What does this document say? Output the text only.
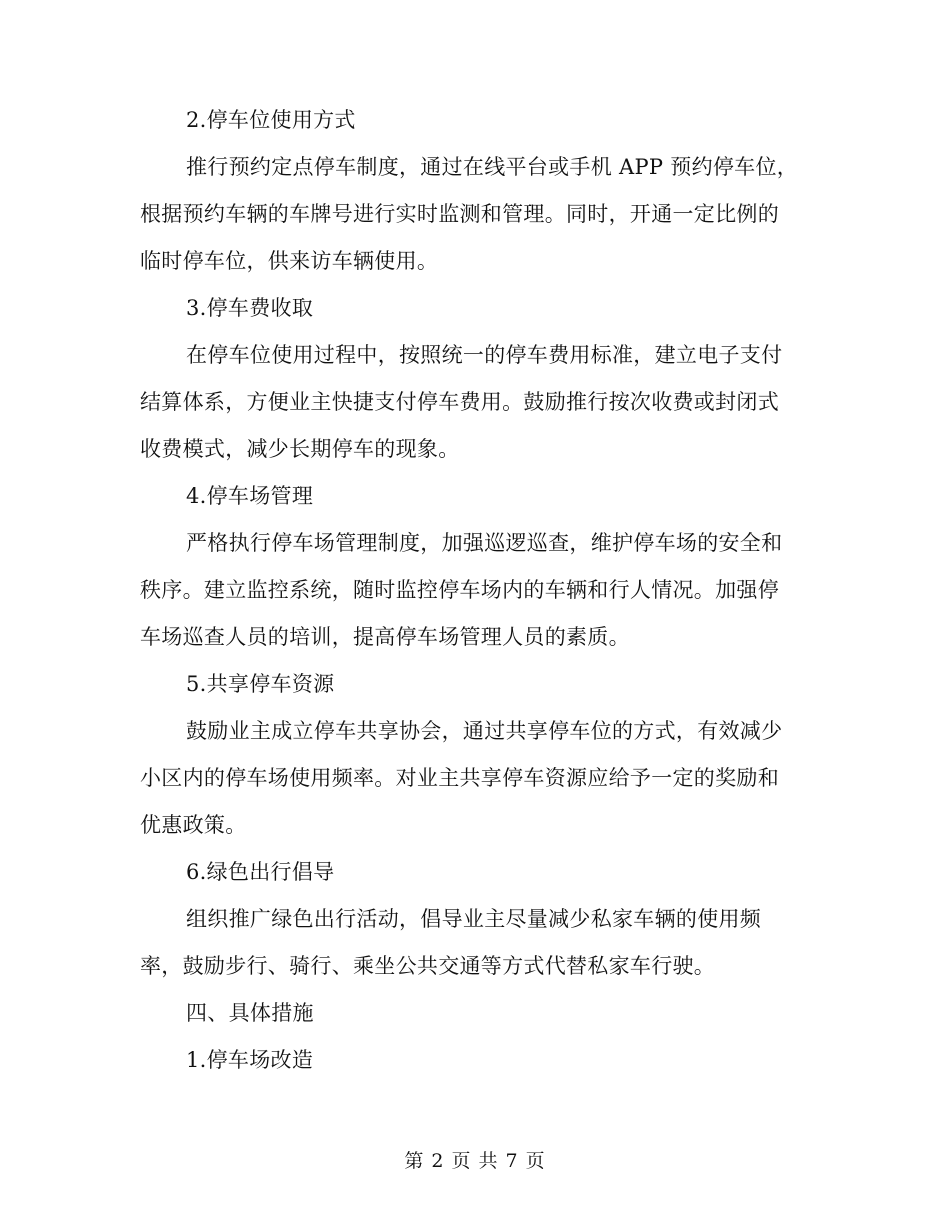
2.停车位使用方式
推行预约定点停车制度，通过在线平台或手机 APP 预约停车位，
根据预约车辆的车牌号进行实时监测和管理。同时，开通一定比例的
临时停车位，供来访车辆使用。
3.停车费收取
在停车位使用过程中，按照统一的停车费用标准，建立电子支付
结算体系，方便业主快捷支付停车费用。鼓励推行按次收费或封闭式
收费模式，减少长期停车的现象。
4.停车场管理
严格执行停车场管理制度，加强巡逻巡查，维护停车场的安全和
秩序。建立监控系统，随时监控停车场内的车辆和行人情况。加强停
车场巡查人员的培训，提高停车场管理人员的素质。
5.共享停车资源
鼓励业主成立停车共享协会，通过共享停车位的方式，有效减少
小区内的停车场使用频率。对业主共享停车资源应给予一定的奖励和
优惠政策。
6.绿色出行倡导
组织推广绿色出行活动，倡导业主尽量减少私家车辆的使用频
率，鼓励步行、骑行、乘坐公共交通等方式代替私家车行驶。
四、具体措施
1.停车场改造
第 2 页 共 7 页
